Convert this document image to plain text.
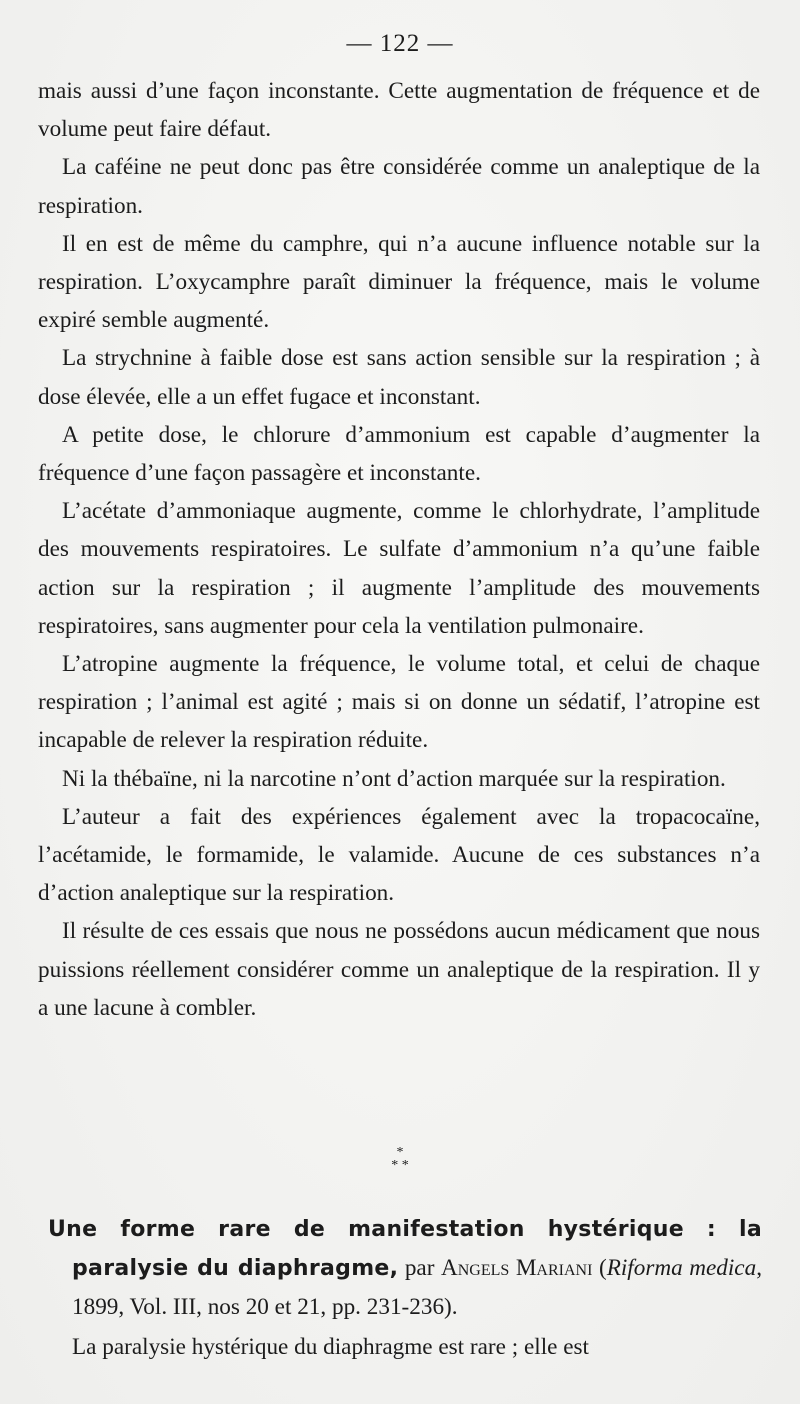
— 122 —

mais aussi d’une façon inconstante. Cette augmentation de fréquence et de volume peut faire défaut.

La caféine ne peut donc pas être considérée comme un analeptique de la respiration.

Il en est de même du camphre, qui n’a aucune influence notable sur la respiration. L’oxycamphre paraît diminuer la fréquence, mais le volume expiré semble augmenté.

La strychnine à faible dose est sans action sensible sur la respiration ; à dose élevée, elle a un effet fugace et inconstant.

A petite dose, le chlorure d’ammonium est capable d’augmenter la fréquence d’une façon passagère et inconstante.

L’acétate d’ammoniaque augmente, comme le chlorhydrate, l’amplitude des mouvements respiratoires. Le sulfate d’ammonium n’a qu’une faible action sur la respiration ; il augmente l’amplitude des mouvements respiratoires, sans augmenter pour cela la ventilation pulmonaire.

L’atropine augmente la fréquence, le volume total, et celui de chaque respiration ; l’animal est agité ; mais si on donne un sédatif, l’atropine est incapable de relever la respiration réduite.

Ni la thébaïne, ni la narcotine n’ont d’action marquée sur la respiration.

L’auteur a fait des expériences également avec la tropacocaïne, l’acétamide, le formamide, le valamide. Aucune de ces substances n’a d’action analeptique sur la respiration.

Il résulte de ces essais que nous ne possédons aucun médicament que nous puissions réellement considérer comme un analeptique de la respiration. Il y a une lacune à combler.

*
* *

Une forme rare de manifestation hystérique : la paralysie du diaphragme, par Angels Mariani (Riforma medica, 1899, Vol. III, nos 20 et 21, pp. 231-236).

La paralysie hystérique du diaphragme est rare ; elle est
